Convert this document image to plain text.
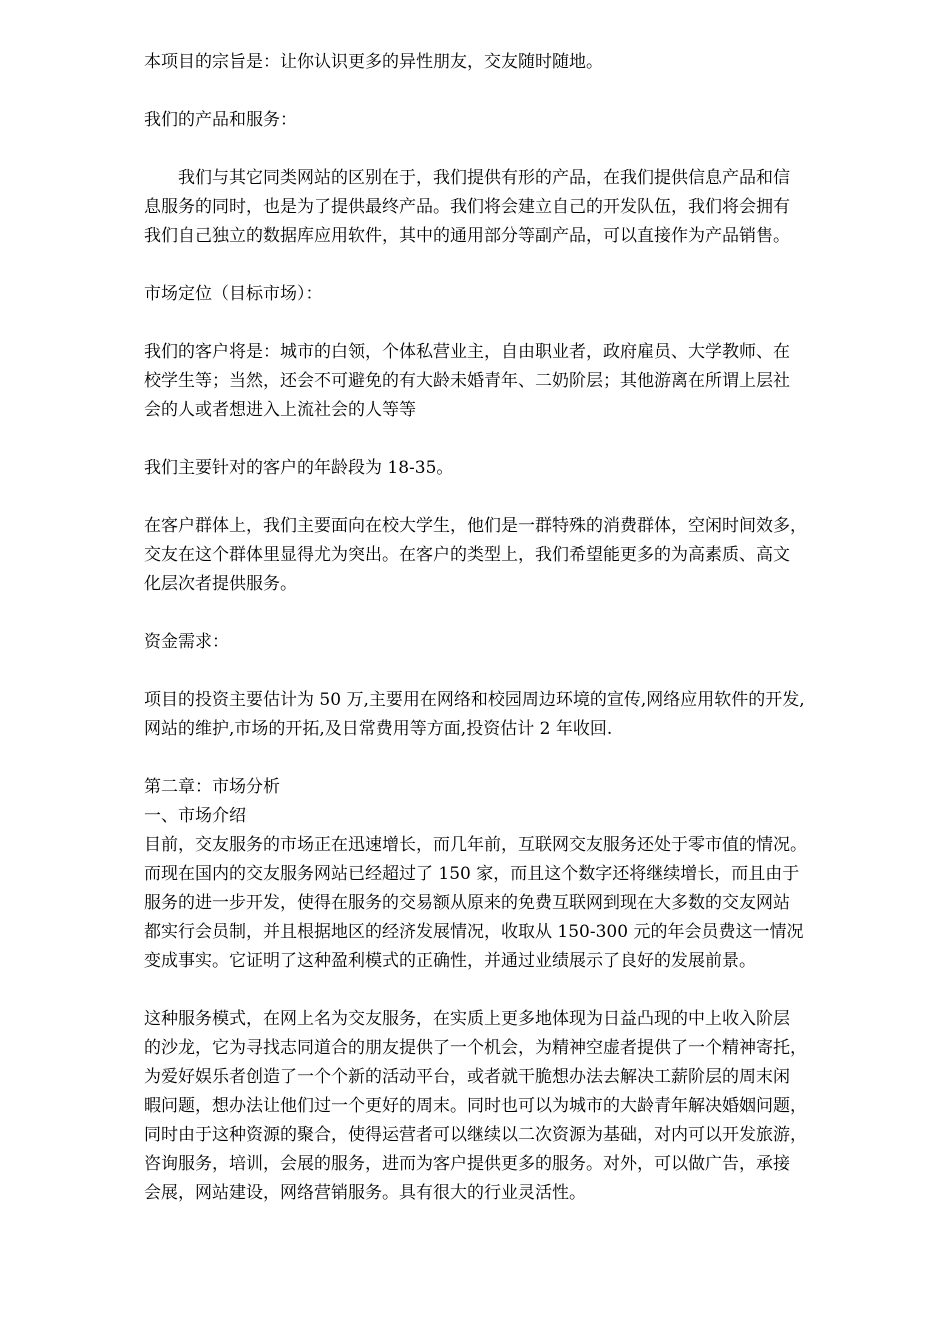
本项目的宗旨是：让你认识更多的异性朋友，交友随时随地。

我们的产品和服务：

　　我们与其它同类网站的区别在于，我们提供有形的产品，在我们提供信息产品和信
息服务的同时，也是为了提供最终产品。我们将会建立自己的开发队伍，我们将会拥有
我们自己独立的数据库应用软件，其中的通用部分等副产品，可以直接作为产品销售。

市场定位（目标市场）：

我们的客户将是：城市的白领，个体私营业主，自由职业者，政府雇员、大学教师、在
校学生等；当然，还会不可避免的有大龄未婚青年、二奶阶层；其他游离在所谓上层社
会的人或者想进入上流社会的人等等

我们主要针对的客户的年龄段为 18-35。

在客户群体上，我们主要面向在校大学生，他们是一群特殊的消费群体，空闲时间效多，
交友在这个群体里显得尤为突出。在客户的类型上，我们希望能更多的为高素质、高文
化层次者提供服务。

资金需求：

项目的投资主要估计为 50 万,主要用在网络和校园周边环境的宣传,网络应用软件的开发,
网站的维护,市场的开拓,及日常费用等方面,投资估计 2 年收回.

第二章：市场分析
一、市场介绍
目前，交友服务的市场正在迅速增长，而几年前，互联网交友服务还处于零市值的情况。
而现在国内的交友服务网站已经超过了 150 家，而且这个数字还将继续增长，而且由于
服务的进一步开发，使得在服务的交易额从原来的免费互联网到现在大多数的交友网站
都实行会员制，并且根据地区的经济发展情况，收取从 150-300 元的年会员费这一情况
变成事实。它证明了这种盈利模式的正确性，并通过业绩展示了良好的发展前景。

这种服务模式，在网上名为交友服务，在实质上更多地体现为日益凸现的中上收入阶层
的沙龙，它为寻找志同道合的朋友提供了一个机会，为精神空虚者提供了一个精神寄托，
为爱好娱乐者创造了一个个新的活动平台，或者就干脆想办法去解决工薪阶层的周末闲
暇问题，想办法让他们过一个更好的周末。同时也可以为城市的大龄青年解决婚姻问题，
同时由于这种资源的聚合，使得运营者可以继续以二次资源为基础，对内可以开发旅游，
咨询服务，培训，会展的服务，进而为客户提供更多的服务。对外，可以做广告，承接
会展，网站建设，网络营销服务。具有很大的行业灵活性。
